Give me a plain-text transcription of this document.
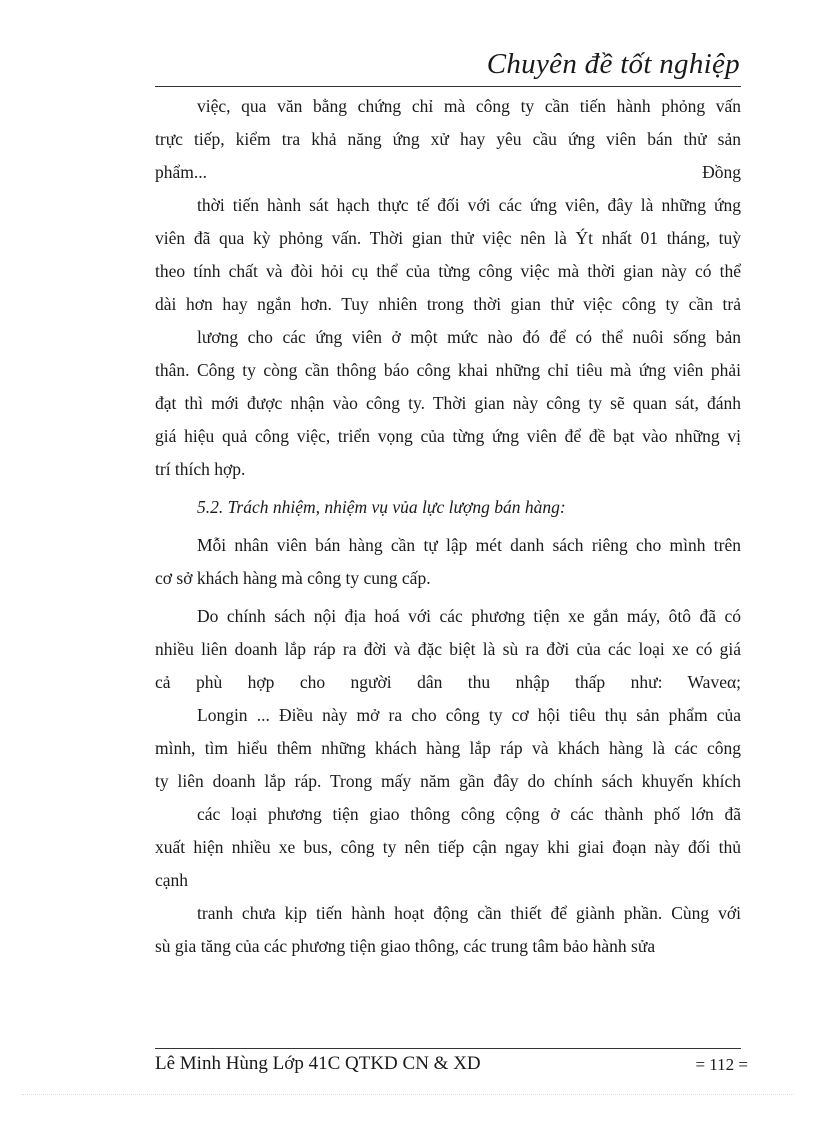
Chuyên đề tốt nghiệp
việc, qua văn bằng chứng chỉ mà công ty cần tiến hành phỏng vấn
trực tiếp, kiểm tra khả năng ứng xử hay yêu cầu ứng viên bán thử sản
phẩm...	Đồng
thời tiến hành sát hạch thực tế đối với các ứng viên, đây là những ứng
viên đã qua kỳ phỏng vấn. Thời gian thử việc nên là Ýt nhất 01 tháng, tuỳ
theo tính chất và đòi hỏi cụ thể của từng công việc mà thời gian này có thể
dài hơn hay ngắn hơn. Tuy nhiên trong thời gian thử việc công ty cần trả
lương cho các ứng viên ở một mức nào đó để có thể nuôi sống bản
thân. Công ty còng cần thông báo công khai những chỉ tiêu mà ứng viên phải
đạt thì mới được nhận vào công ty. Thời gian này công ty sẽ quan sát, đánh
giá hiệu quả công việc, triển vọng của từng ứng viên để đề bạt vào những vị
trí thích hợp.
5.2. Trách nhiệm, nhiệm vụ vủa lực lượng bán hàng:
Mỗi nhân viên bán hàng cần tự lập mét danh sách riêng cho mình trên
cơ sở khách hàng mà công ty cung cấp.
Do chính sách nội địa hoá với các phương tiện xe gắn máy, ôtô đã có
nhiều liên doanh lắp ráp ra đời và đặc biệt là sù ra đời của các loại xe có giá
cả phù hợp cho người dân thu nhập thấp như: Waveα;
Longin ... Điều này mở ra cho công ty cơ hội tiêu thụ sản phẩm của
mình, tìm hiểu thêm những khách hàng lắp ráp và khách hàng là các công
ty liên doanh lắp ráp. Trong mấy năm gần đây do chính sách khuyến khích
các loại phương tiện giao thông công cộng ở các thành phố lớn đã
xuất hiện nhiều xe bus, công ty nên tiếp cận ngay khi giai đoạn này đối thủ
cạnh
tranh chưa kịp tiến hành hoạt động cần thiết để giành phần. Cùng với
sù gia tăng của các phương tiện giao thông, các trung tâm bảo hành sửa
Lê Minh Hùng Lớp 41C QTKD CN & XD	= 112 =
